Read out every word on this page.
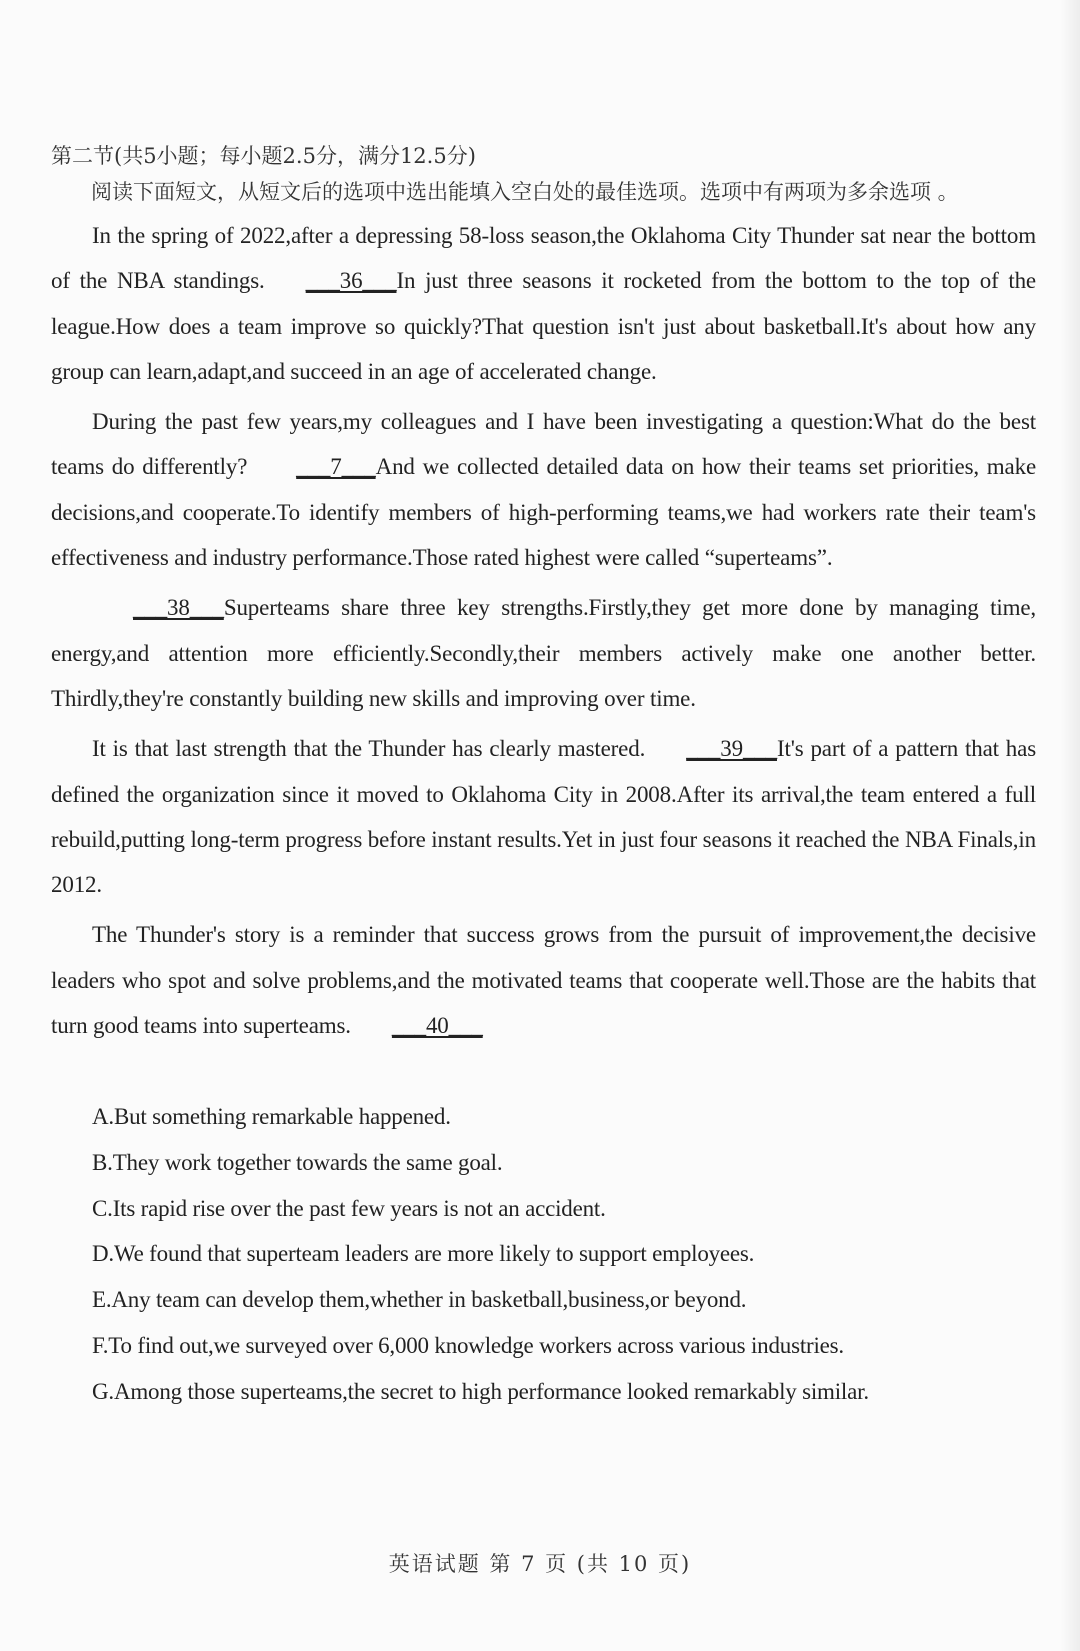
第二节(共5小题；每小题2.5分，满分12.5分)

阅读下面短文，从短文后的选项中选出能填入空白处的最佳选项。选项中有两项为多余选项 。

In the spring of 2022,after a depressing 58-loss season,the Oklahoma City Thunder sat near the bottom of the NBA standings. ___36___In just three seasons it rocketed from the bottom to the top of the league.How does a team improve so quickly?That question isn't just about basketball.It's about how any group can learn,adapt,and succeed in an age of accelerated change.

During the past few years,my colleagues and I have been investigating a question:What do the best teams do differently? ___7___And we collected detailed data on how their teams set priorities, make decisions,and cooperate.To identify members of high-performing teams,we had workers rate their team's effectiveness and industry performance.Those rated highest were called “superteams”.

___38___Superteams share three key strengths.Firstly,they get more done by managing time, energy,and attention more efficiently.Secondly,their members actively make one another better. Thirdly,they're constantly building new skills and improving over time.

It is that last strength that the Thunder has clearly mastered. ___39___It's part of a pattern that has defined the organization since it moved to Oklahoma City in 2008.After its arrival,the team entered a full rebuild,putting long-term progress before instant results.Yet in just four seasons it reached the NBA Finals,in 2012.

The Thunder's story is a reminder that success grows from the pursuit of improvement,the decisive leaders who spot and solve problems,and the motivated teams that cooperate well.Those are the habits that turn good teams into superteams. ___40___

A.But something remarkable happened.

B.They work together towards the same goal.

C.Its rapid rise over the past few years is not an accident.

D.We found that superteam leaders are more likely to support employees.

E.Any team can develop them,whether in basketball,business,or beyond.

F.To find out,we surveyed over 6,000 knowledge workers across various industries.

G.Among those superteams,the secret to high performance looked remarkably similar.

英语试题 第 7 页 (共 10 页)
